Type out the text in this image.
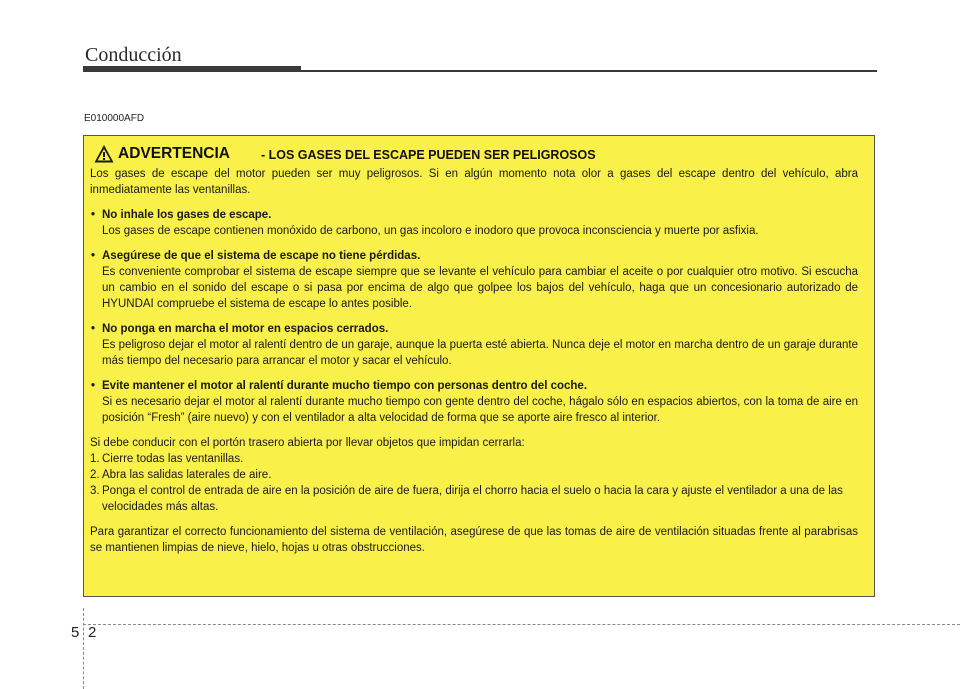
Conducción
E010000AFD
ADVERTENCIA - LOS GASES DEL ESCAPE PUEDEN SER PELIGROSOS
Los gases de escape del motor pueden ser muy peligrosos. Si en algún momento nota olor a gases del escape dentro del vehículo, abra inmediatamente las ventanillas.
• No inhale los gases de escape.
Los gases de escape contienen monóxido de carbono, un gas incoloro e inodoro que provoca inconsciencia y muerte por asfixia.
• Asegúrese de que el sistema de escape no tiene pérdidas.
Es conveniente comprobar el sistema de escape siempre que se levante el vehículo para cambiar el aceite o por cualquier otro motivo. Si escucha un cambio en el sonido del escape o si pasa por encima de algo que golpee los bajos del vehículo, haga que un concesionario autorizado de HYUNDAI compruebe el sistema de escape lo antes posible.
• No ponga en marcha el motor en espacios cerrados.
Es peligroso dejar el motor al ralentí dentro de un garaje, aunque la puerta esté abierta. Nunca deje el motor en marcha dentro de un garaje durante más tiempo del necesario para arrancar el motor y sacar el vehículo.
• Evite mantener el motor al ralentí durante mucho tiempo con personas dentro del coche.
Si es necesario dejar el motor al ralentí durante mucho tiempo con gente dentro del coche, hágalo sólo en espacios abiertos, con la toma de aire en posición “Fresh” (aire nuevo) y con el ventilador a alta velocidad de forma que se aporte aire fresco al interior.
Si debe conducir con el portón trasero abierta por llevar objetos que impidan cerrarla:
1. Cierre todas las ventanillas.
2. Abra las salidas laterales de aire.
3. Ponga el control de entrada de aire en la posición de aire de fuera, dirija el chorro hacia el suelo o hacia la cara y ajuste el ventilador a una de las velocidades más altas.
Para garantizar el correcto funcionamiento del sistema de ventilación, asegúrese de que las tomas de aire de ventilación situadas frente al parabrisas se mantienen limpias de nieve, hielo, hojas u otras obstrucciones.
5 2
